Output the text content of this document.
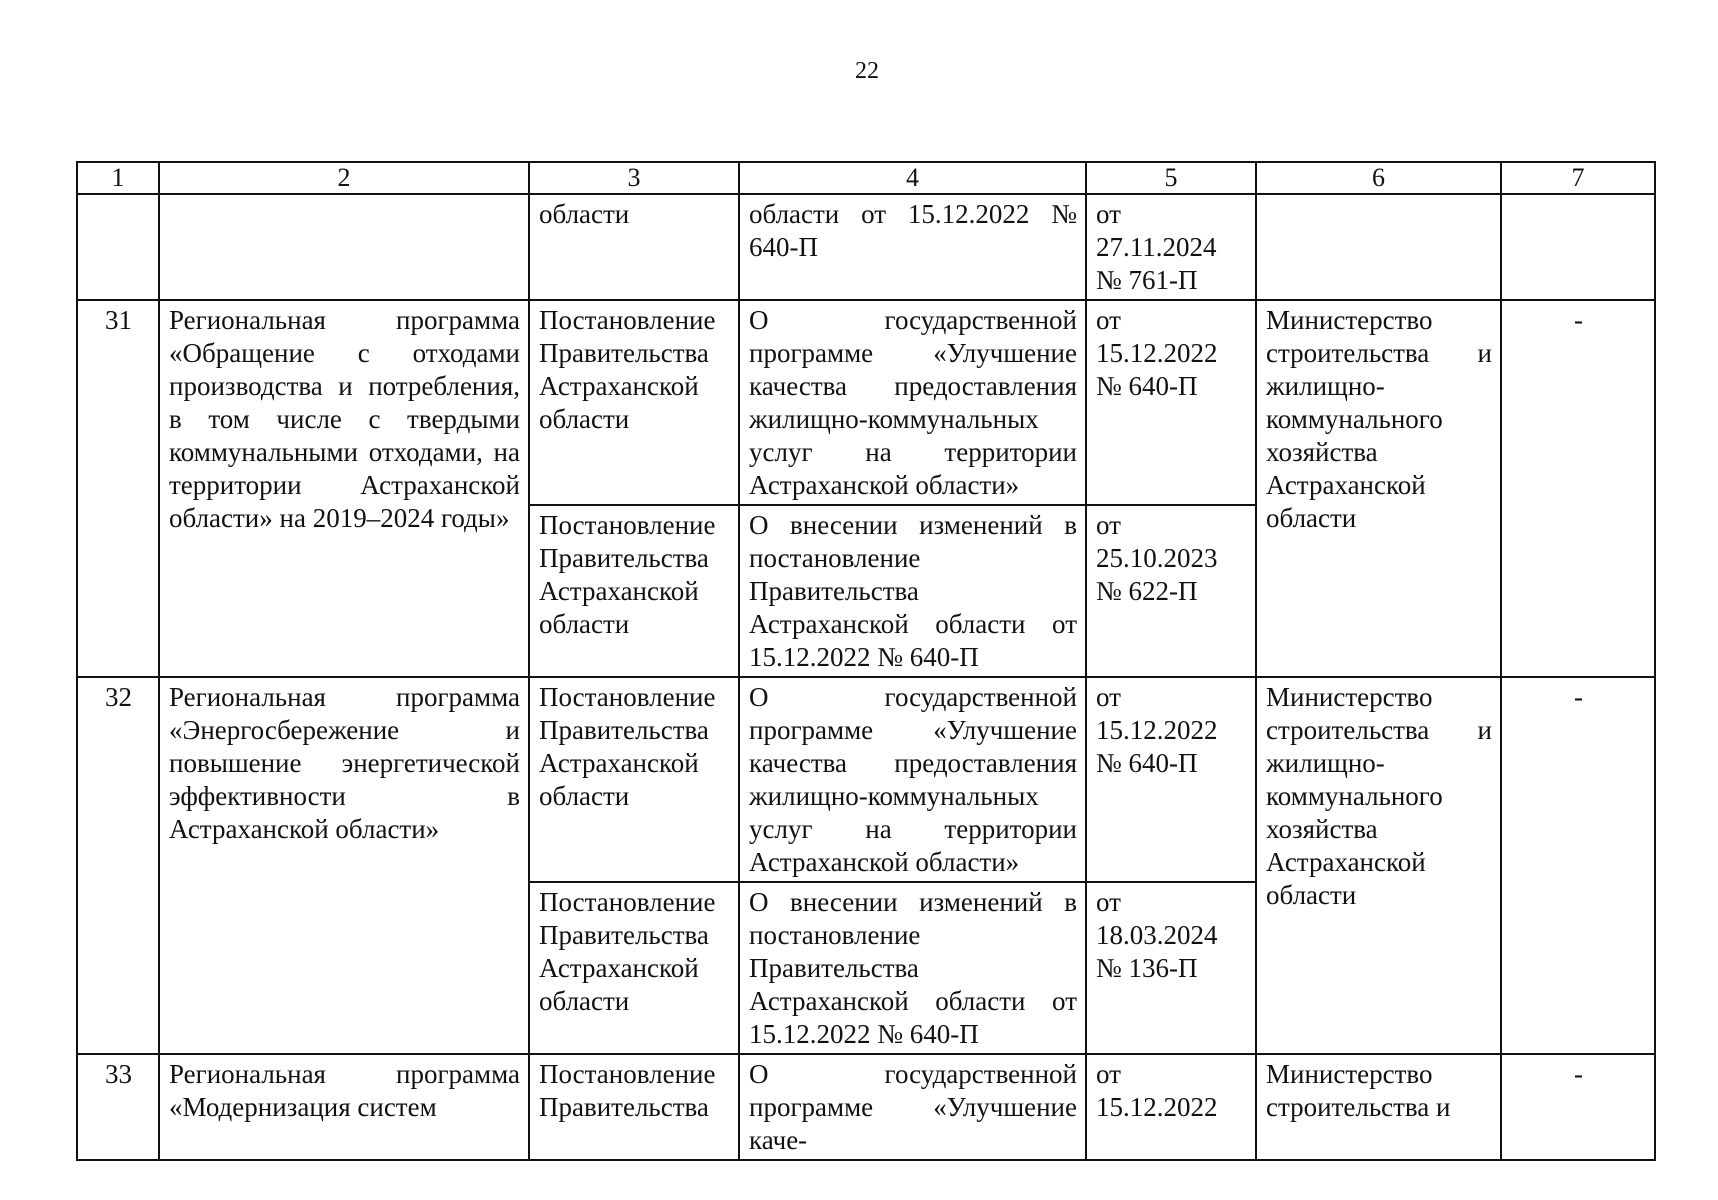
22
1	2	3	4	5	6	7
		области	области от 15.12.2022 № 640-П	от 27.11.2024 № 761-П		
31	Региональная программа «Обращение с отходами производства и потребления, в том числе с твердыми коммунальными отходами, на территории Астраханской области» на 2019–2024 годы»	Постановление Правительства Астраханской области	О государственной программе «Улучшение качества предоставления жилищно-коммунальных услуг на территории Астраханской области»	от 15.12.2022 № 640-П	Министерство строительства и жилищно-коммунального хозяйства Астраханской области	-
		Постановление Правительства Астраханской области	О внесении изменений в постановление Правительства Астраханской области от 15.12.2022 № 640-П	от 25.10.2023 № 622-П		
32	Региональная программа «Энергосбережение и повышение энергетической эффективности в Астраханской области»	Постановление Правительства Астраханской области	О государственной программе «Улучшение качества предоставления жилищно-коммунальных услуг на территории Астраханской области»	от 15.12.2022 № 640-П	Министерство строительства и жилищно-коммунального хозяйства Астраханской области	-
		Постановление Правительства Астраханской области	О внесении изменений в постановление Правительства Астраханской области от 15.12.2022 № 640-П	от 18.03.2024 № 136-П		
33	Региональная программа «Модернизация систем	Постановление Правительства	О государственной программе «Улучшение каче-	от 15.12.2022	Министерство строительства и	-
